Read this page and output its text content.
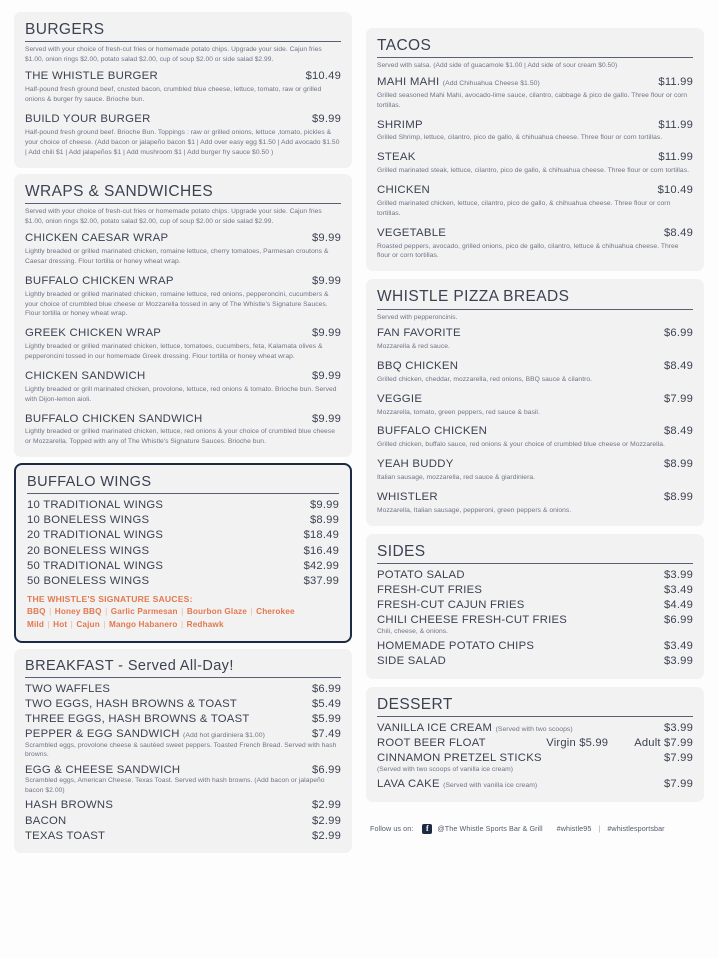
BURGERS
Served with your choice of fresh-cut fries or homemade potato chips. Upgrade your side. Cajun fries $1.00, onion rings $2.00, potato salad $2.00, cup of soup $2.00 or side salad $2.99.
THE WHISTLE BURGER	$10.49
Half-pound fresh ground beef, crusted bacon, crumbled blue cheese, lettuce, tomato, raw or grilled onions & burger fry sauce. Brioche bun.
BUILD YOUR BURGER	$9.99
Half-pound fresh ground beef. Brioche Bun. Toppings : raw or grilled onions, lettuce ,tomato, pickles & your choice of cheese. (Add bacon or jalapeño bacon $1 | Add over easy egg $1.50 | Add avocado $1.50 | Add chili $1 | Add jalapeños $1 | Add mushroom $1 | Add burger fry sauce $0.50 )
WRAPS & SANDWICHES
Served with your choice of fresh-cut fries or homemade potato chips. Upgrade your side. Cajun fries $1.00, onion rings $2.00, potato salad $2.00, cup of soup $2.00 or side salad $2.99.
CHICKEN CAESAR WRAP	$9.99
Lightly breaded or grilled marinated chicken, romaine lettuce, cherry tomatoes, Parmesan croutons & Caesar dressing. Flour tortilla or honey wheat wrap.
BUFFALO CHICKEN WRAP	$9.99
Lightly breaded or grilled marinated chicken, romaine lettuce, red onions, pepperoncini, cucumbers & your choice of crumbled blue cheese or Mozzarella tossed in any of The Whistle's Signature Sauces. Flour tortilla or honey wheat wrap.
GREEK CHICKEN WRAP	$9.99
Lightly breaded or grilled marinated chicken, lettuce, tomatoes, cucumbers, feta, Kalamata olives & pepperoncini tossed in our homemade Greek dressing. Flour tortilla or honey wheat wrap.
CHICKEN SANDWICH	$9.99
Lightly breaded or grill marinated chicken, provolone, lettuce, red onions & tomato. Brioche bun. Served with Dijon-lemon aioli.
BUFFALO CHICKEN SANDWICH	$9.99
Lightly breaded or grilled marinated chicken, lettuce, red onions & your choice of crumbled blue cheese or Mozzarella. Topped with any of The Whistle's Signature Sauces. Brioche bun.
BUFFALO WINGS
10 TRADITIONAL WINGS	$9.99
10 BONELESS WINGS	$8.99
20 TRADITIONAL WINGS	$18.49
20 BONELESS WINGS	$16.49
50 TRADITIONAL WINGS	$42.99
50 BONELESS WINGS	$37.99
THE WHISTLE'S SIGNATURE SAUCES:
BBQ | Honey BBQ | Garlic Parmesan | Bourbon Glaze | Cherokee
Mild | Hot | Cajun | Mango Habanero | Redhawk
BREAKFAST - Served All-Day!
TWO WAFFLES	$6.99
TWO EGGS, HASH BROWNS & TOAST	$5.49
THREE EGGS, HASH BROWNS & TOAST	$5.99
PEPPER & EGG SANDWICH (Add hot giardiniera $1.00)	$7.49
Scrambled eggs, provolone cheese & sautéed sweet peppers. Toasted French Bread. Served with hash browns.
EGG & CHEESE SANDWICH	$6.99
Scrambled eggs, American Cheese. Texas Toast. Served with hash browns. (Add bacon or jalapeño bacon $2.00)
HASH BROWNS	$2.99
BACON	$2.99
TEXAS TOAST	$2.99
TACOS
Served with salsa. (Add side of guacamole $1.00 | Add side of sour cream $0.50)
MAHI MAHI (Add Chihuahua Cheese $1.50)	$11.99
Grilled seasoned Mahi Mahi, avocado-lime sauce, cilantro, cabbage & pico de gallo. Three flour or corn tortillas.
SHRIMP	$11.99
Grilled Shrimp, lettuce, cilantro, pico de gallo, & chihuahua cheese. Three flour or corn tortillas.
STEAK	$11.99
Grilled marinated steak, lettuce, cilantro, pico de gallo, & chihuahua cheese. Three flour or corn tortillas.
CHICKEN	$10.49
Grilled marinated chicken, lettuce, cilantro, pico de gallo, & chihuahua cheese. Three flour or corn tortillas.
VEGETABLE	$8.49
Roasted peppers, avocado, grilled onions, pico de gallo, cilantro, lettuce & chihuahua cheese. Three flour or corn tortillas.
WHISTLE PIZZA BREADS
Served with pepperoncinis.
FAN FAVORITE	$6.99
Mozzarella & red sauce.
BBQ CHICKEN	$8.49
Grilled chicken, cheddar, mozzarella, red onions, BBQ sauce & cilantro.
VEGGIE	$7.99
Mozzarella, tomato, green peppers, red sauce & basil.
BUFFALO CHICKEN	$8.49
Grilled chicken, buffalo sauce, red onions & your choice of crumbled blue cheese or Mozzarella.
YEAH BUDDY	$8.99
Italian sausage, mozzarella, red sauce & giardiniera.
WHISTLER	$8.99
Mozzarella, Italian sausage, pepperoni, green peppers & onions.
SIDES
POTATO SALAD	$3.99
FRESH-CUT FRIES	$3.49
FRESH-CUT CAJUN FRIES	$4.49
CHILI CHEESE FRESH-CUT FRIES	$6.99
Chili, cheese, & onions.
HOMEMADE POTATO CHIPS	$3.49
SIDE SALAD	$3.99
DESSERT
VANILLA ICE CREAM (Served with two scoops)	$3.99
ROOT BEER FLOAT	Virgin $5.99 Adult $7.99
CINNAMON PRETZEL STICKS	$7.99
(Served with two scoops of vanilla ice cream)
LAVA CAKE (Served with vanilla ice cream)	$7.99
Follow us on:	f	@The Whistle Sports Bar & Grill #whistle95 | #whistlesportsbar
